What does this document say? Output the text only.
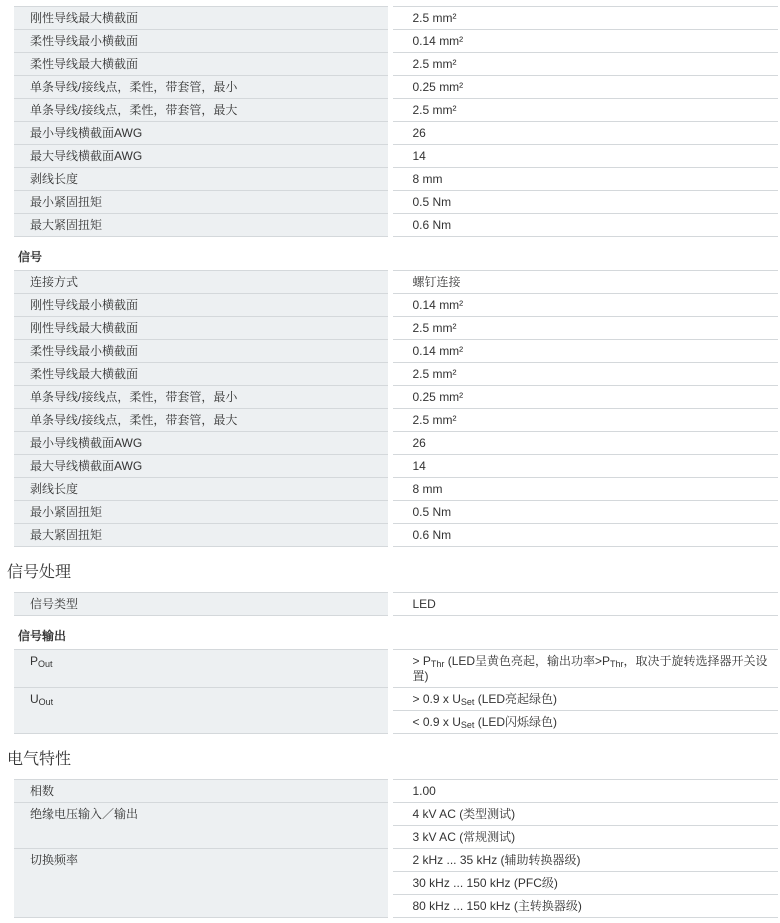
刚性导线最大横截面	2.5 mm²
柔性导线最小横截面	0.14 mm²
柔性导线最大横截面	2.5 mm²
单条导线/接线点，柔性，带套管，最小	0.25 mm²
单条导线/接线点，柔性，带套管，最大	2.5 mm²
最小导线横截面AWG	26
最大导线横截面AWG	14
剥线长度	8 mm
最小紧固扭矩	0.5 Nm
最大紧固扭矩	0.6 Nm
信号
连接方式	螺钉连接
刚性导线最小横截面	0.14 mm²
刚性导线最大横截面	2.5 mm²
柔性导线最小横截面	0.14 mm²
柔性导线最大横截面	2.5 mm²
单条导线/接线点，柔性，带套管，最小	0.25 mm²
单条导线/接线点，柔性，带套管，最大	2.5 mm²
最小导线横截面AWG	26
最大导线横截面AWG	14
剥线长度	8 mm
最小紧固扭矩	0.5 Nm
最大紧固扭矩	0.6 Nm
信号处理
信号类型	LED
信号输出
$P_{Out}$	> $P_{Thr}$ (LED呈黄色亮起，输出功率$>P_{Thr}$，取决于旋转选择器开关设置)
$U_{Out}$	> 0.9 x $U_{Set}$ (LED亮起绿色)
	< 0.9 x $U_{Set}$ (LED闪烁绿色)
电气特性
相数	1.00
绝缘电压输入／输出	4 kV AC (类型测试)
	3 kV AC (常规测试)
切换频率	2 kHz ... 35 kHz (辅助转换器级)
	30 kHz ... 150 kHz (PFC级)
	80 kHz ... 150 kHz (主转换器级)
